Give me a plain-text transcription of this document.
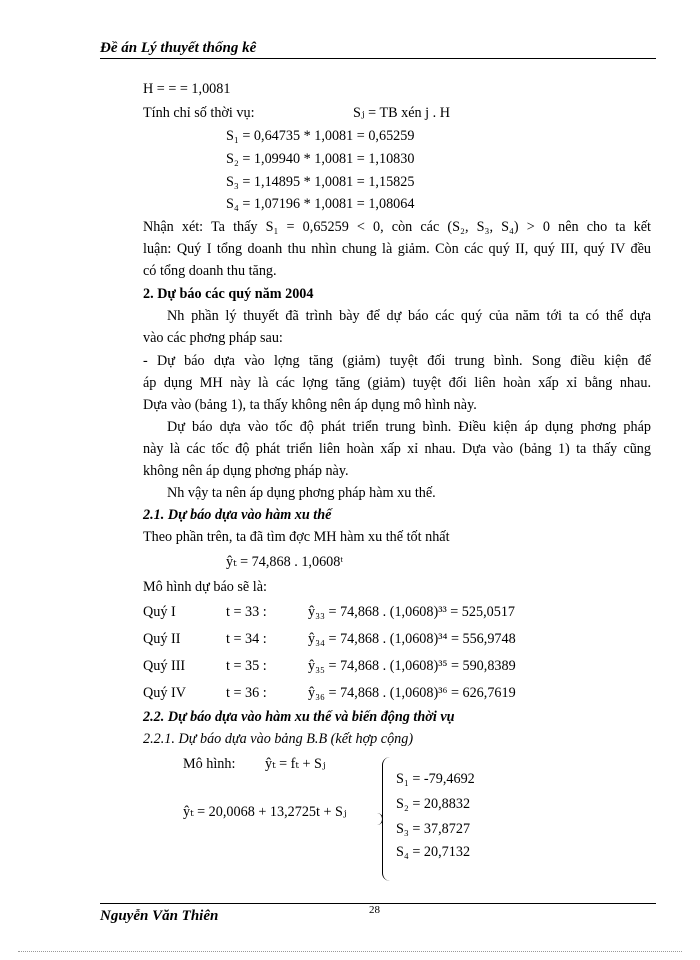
Đề án Lý thuyết thống kê
H = = = 1,0081
Tính chỉ số thời vụ:	Sⱼ = TB xén j . H
S₁ = 0,64735 * 1,0081 = 0,65259
S₂ = 1,09940 * 1,0081 = 1,10830
S₃ = 1,14895 * 1,0081 = 1,15825
S₄ = 1,07196 * 1,0081 = 1,08064
Nhận xét: Ta thấy S₁ = 0,65259 < 0, còn các (S₂, S₃, S₄) > 0 nên cho ta kết
luận: Quý I tổng doanh thu nhìn chung là giảm. Còn các quý II, quý III, quý IV đều
có tổng doanh thu tăng.
2. Dự báo các quý năm 2004
Nh phần lý thuyết đã trình bày để dự báo các quý của năm tới ta có thể dựa
vào các phơng pháp sau:
- Dự báo dựa vào lợng tăng (giảm) tuyệt đối trung bình. Song điều kiện để
áp dụng MH này là các lợng tăng (giảm) tuyệt đối liên hoàn xấp xỉ bằng nhau.
Dựa vào (bảng 1), ta thấy không nên áp dụng mô hình này.
Dự báo dựa vào tốc độ phát triển trung bình. Điều kiện áp dụng phơng pháp
này là các tốc độ phát triển liên hoàn xấp xỉ nhau. Dựa vào (bảng 1) ta thấy cũng
không nên áp dụng phơng pháp này.
Nh vậy ta nên áp dụng phơng pháp hàm xu thế.
2.1. Dự báo dựa vào hàm xu thế
Theo phần trên, ta đã tìm đợc MH hàm xu thế tốt nhất
ŷₜ = 74,868 . 1,0608ᵗ
Mô hình dự báo sẽ là:
Quý I	t = 33 :	ŷ₃₃ = 74,868 . (1,0608)³³ = 525,0517
Quý II	t = 34 :	ŷ₃₄ = 74,868 . (1,0608)³⁴ = 556,9748
Quý III	t = 35 :	ŷ₃₅ = 74,868 . (1,0608)³⁵ = 590,8389
Quý IV	t = 36 :	ŷ₃₆ = 74,868 . (1,0608)³⁶ = 626,7619
2.2. Dự báo dựa vào hàm xu thế và biến động thời vụ
2.2.1. Dự báo dựa vào bảng B.B (kết hợp cộng)
Mô hình: ŷₜ = fₜ + Sⱼ
ŷₜ = 20,0068 + 13,2725t + Sⱼ
S₁ = -79,4692
S₂ = 20,8832
S₃ = 37,8727
S₄ = 20,7132
28
Nguyễn Văn Thiên
